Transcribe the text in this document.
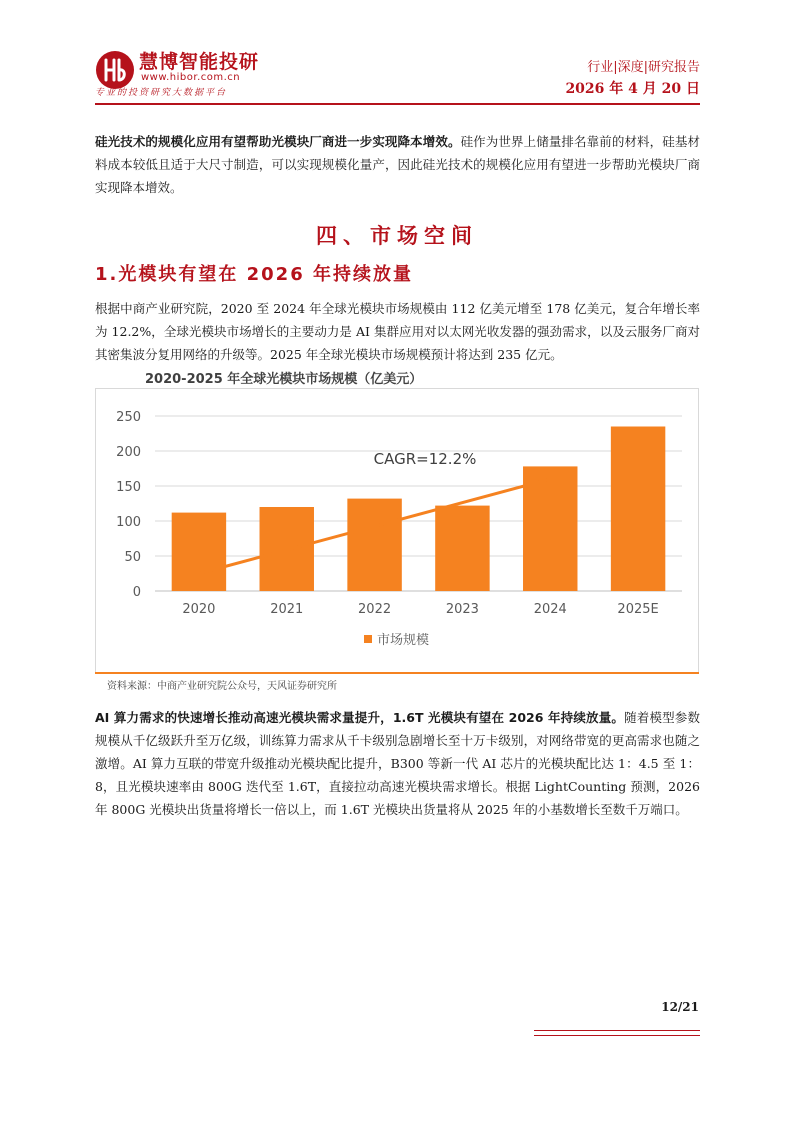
慧博智能投研
www.hibor.com.cn
专业的投资研究大数据平台
行业|深度|研究报告
2026 年 4 月 20 日
硅光技术的规模化应用有望帮助光模块厂商进一步实现降本增效。硅作为世界上储量排名靠前的材料，硅基材料成本较低且适于大尺寸制造，可以实现规模化量产，因此硅光技术的规模化应用有望进一步帮助光模块厂商实现降本增效。
四、市场空间
1.光模块有望在 2026 年持续放量
根据中商产业研究院，2020 至 2024 年全球光模块市场规模由 112 亿美元增至 178 亿美元，复合年增长率为 12.2%，全球光模块市场增长的主要动力是 AI 集群应用对以太网光收发器的强劲需求，以及云服务厂商对其密集波分复用网络的升级等。2025 年全球光模块市场规模预计将达到 235 亿元。
2020-2025 年全球光模块市场规模（亿美元）
0
50
100
150
200
250
2020	2021	2022	2023	2024	2025E
CAGR=12.2%
市场规模
资料来源：中商产业研究院公众号，天风证券研究所
AI 算力需求的快速增长推动高速光模块需求量提升，1.6T 光模块有望在 2026 年持续放量。随着模型参数规模从千亿级跃升至万亿级，训练算力需求从千卡级别急剧增长至十万卡级别，对网络带宽的更高需求也随之激增。AI 算力互联的带宽升级推动光模块配比提升，B300 等新一代 AI 芯片的光模块配比达 1：4.5 至 1：8，且光模块速率由 800G 迭代至 1.6T，直接拉动高速光模块需求增长。根据 LightCounting 预测，2026 年 800G 光模块出货量将增长一倍以上，而 1.6T 光模块出货量将从 2025 年的小基数增长至数千万端口。
12/21
